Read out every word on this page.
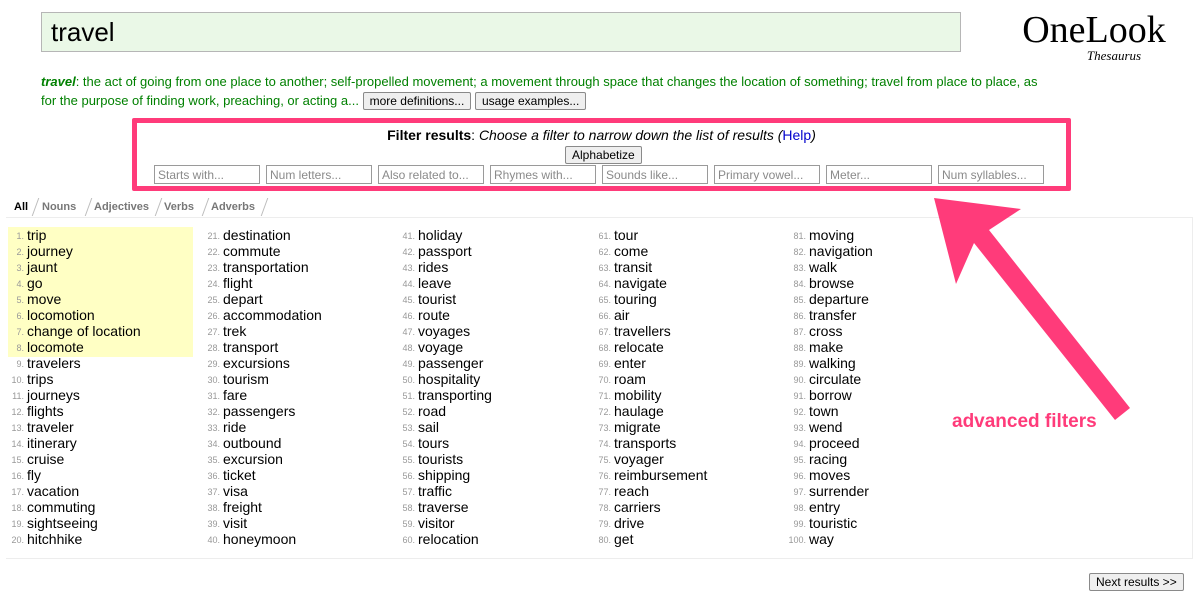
travel
OneLook
Thesaurus
travel: the act of going from one place to another; self-propelled movement; a movement through space that changes the location of something; travel from place to place, as for the purpose of finding work, preaching, or acting a... more definitions... usage examples...
Filter results: Choose a filter to narrow down the list of results (Help)
Alphabetize
Starts with...
Num letters...
Also related to...
Rhymes with...
Sounds like...
Primary vowel...
Meter...
Num syllables...
All	Nouns	Adjectives	Verbs	Adverbs
1. trip
2. journey
3. jaunt
4. go
5. move
6. locomotion
7. change of location
8. locomote
9. travelers
10. trips
11. journeys
12. flights
13. traveler
14. itinerary
15. cruise
16. fly
17. vacation
18. commuting
19. sightseeing
20. hitchhike
21. destination
22. commute
23. transportation
24. flight
25. depart
26. accommodation
27. trek
28. transport
29. excursions
30. tourism
31. fare
32. passengers
33. ride
34. outbound
35. excursion
36. ticket
37. visa
38. freight
39. visit
40. honeymoon
41. holiday
42. passport
43. rides
44. leave
45. tourist
46. route
47. voyages
48. voyage
49. passenger
50. hospitality
51. transporting
52. road
53. sail
54. tours
55. tourists
56. shipping
57. traffic
58. traverse
59. visitor
60. relocation
61. tour
62. come
63. transit
64. navigate
65. touring
66. air
67. travellers
68. relocate
69. enter
70. roam
71. mobility
72. haulage
73. migrate
74. transports
75. voyager
76. reimbursement
77. reach
78. carriers
79. drive
80. get
81. moving
82. navigation
83. walk
84. browse
85. departure
86. transfer
87. cross
88. make
89. walking
90. circulate
91. borrow
92. town
93. wend
94. proceed
95. racing
96. moves
97. surrender
98. entry
99. touristic
100. way
advanced filters
Next results >>
